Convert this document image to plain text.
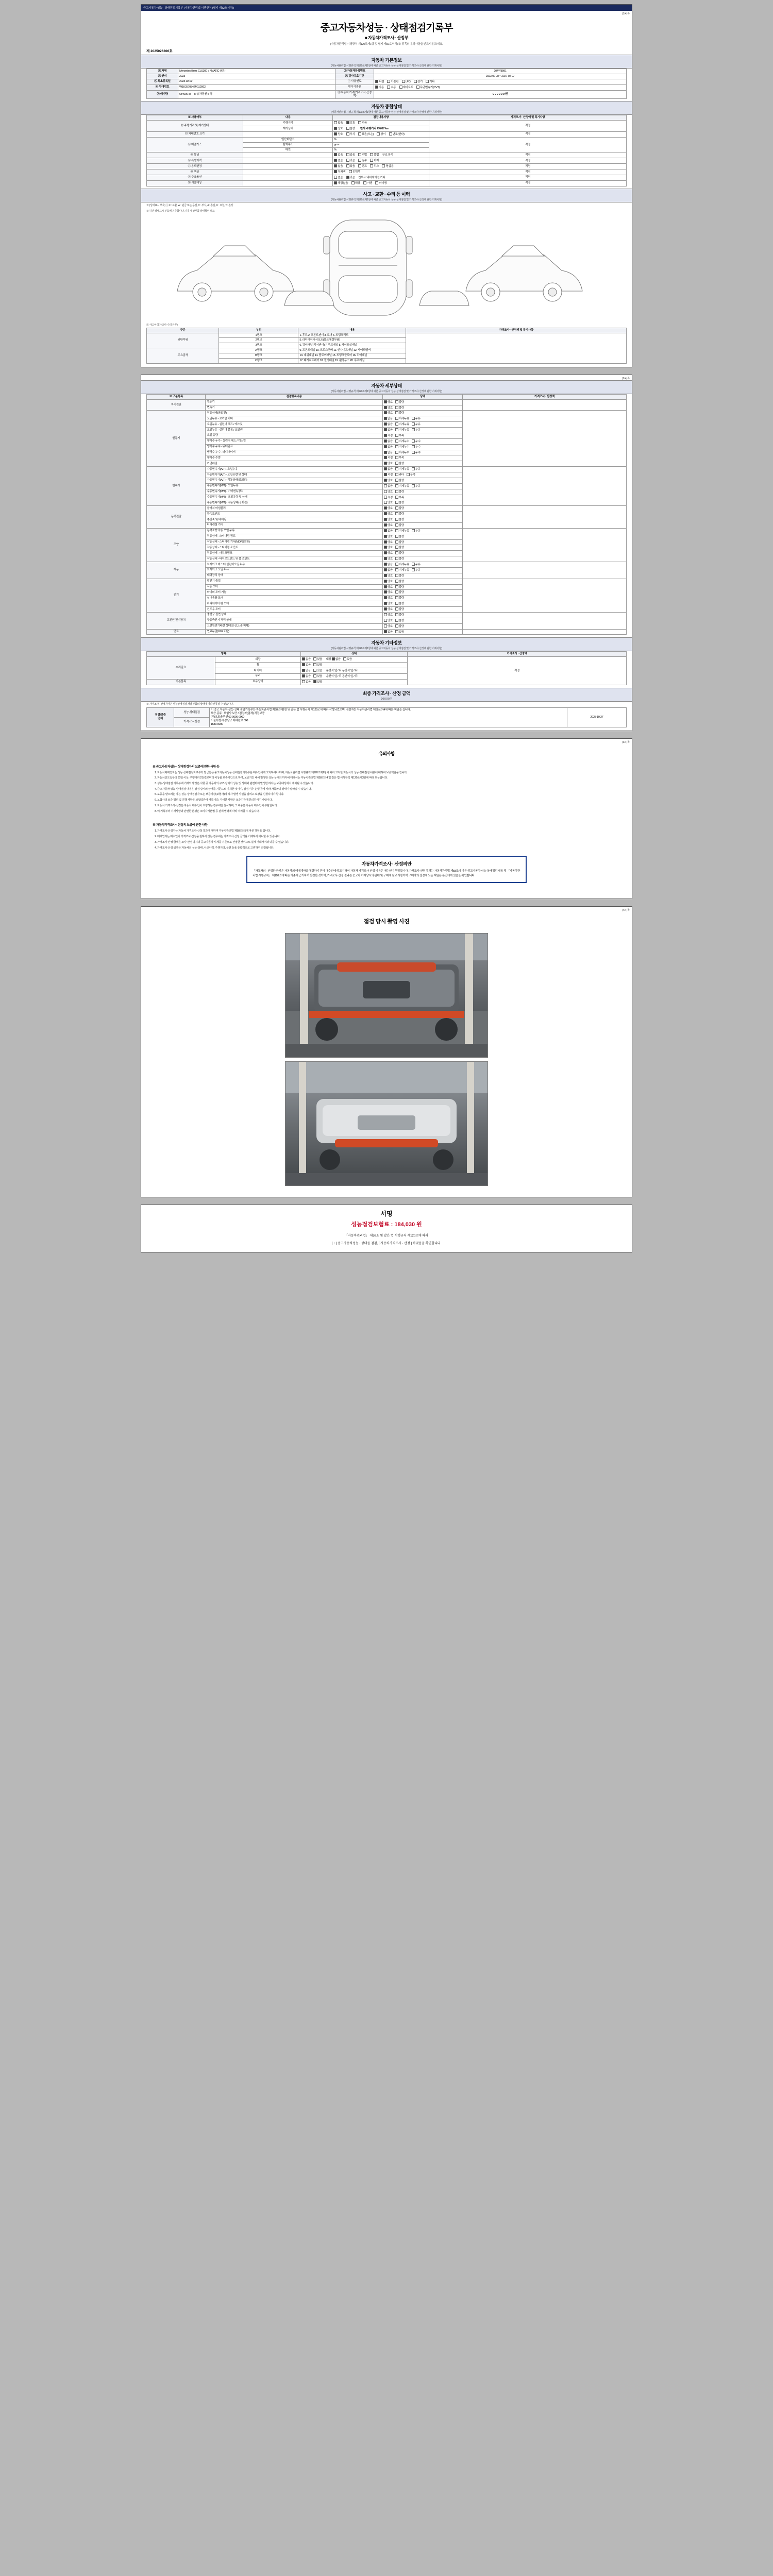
중고자동차 성능 · 상태점검기록부 (자동차관리법 시행규칙 [별지 제82호서식])
(1/4)쪽
중고자동차성능 · 상태점검기록부
■ 자동차가격조사 · 산정부
(자동차관리법 시행규칙 제120조제1항 및 별지 제82호서식) ※ 뒤쪽의 유의사항을 반드시 읽으세요.
제 2025026306호
자동차 기본정보
(자동차관리법 시행규칙 제120조제1항에 따른 중고자동차 성능·상태점검 및 가격조사·산정에 관한 기재사항)
① 차명	Mercedes-Benz CLS300 d 4MATIC (4륜)	② 자동차등록번호	204허8991
③ 연식	2023	④ 검사유효기간	2023-02-08 ~ 2027-02-07
⑤ 최초등록일	2023-02-09	⑦ 사용연료	디젤 가솔린 LPG 전기 기타
⑥ 차대번호	W1K2570842M112062	변속기종류	자동 수동 세미오토 무단변속기(CVT)
⑧ 배기량	654000 cc ⑨ 승차정원 5 명	⑪ 자동차 가격(가격조사·산정액)	0 0 0 0 0 0 원
자동차 종합상태
(자동차관리법 시행규칙 제120조제1항에 따른 중고자동차 성능·상태점검 및 가격조사·산정에 관한 기재사항)
※ 사용여부	내용	점검내용사항	가격조사 · 산정액 및 특기사항
⑫ 주행거리 및 계기상태	주행거리	많음 보통 적음	적정
	계기상태	양호 불량 현재 주행거리 23,017 km	
⑬ 차대번호 표기		양호 부식 훼손(오손) 상이 변조(변타)	적정
⑭ 배출가스	일산화탄소	%	적정
	탄화수소	ppm	
	매연	%	
⑮ 튜닝		없음 있음 적법 불법 구조 장치	적정
⑯ 특별이력		없음 있음 침수 화재	적정
⑰ 용도변경		없음 있음 렌트 리스 영업용	적정
⑱ 색상		무채색 유채색	적정
⑲ 주요옵션		없음 있음 썬루프 내비게이션 기타	적정
⑳ 리콜대상		해당없음 해당 이행 미이행	적정
사고 · 교환 · 수리 등 이력
(자동차관리법 시행규칙 제120조제1항에 따른 중고자동차 성능·상태점검 및 가격조사·산정에 관한 기재사항)
※ (상태표시 부호) ① X : 교환, W : 판금 또는 용접, C : 부식, A : 흠집, U : 요철, T : 손상
※ 하단 상태표시 부호에 기준합니다. 기록 대상부품 상태확인 필요
① 사고이력(사고나 수리 유무)
구분	부위	내용	가격조사 · 산정액 및 특기사항
외판부위	1랭크	1. 후드 2. 프론트펜더 3. 도어 4. 트렁크리드	
	2랭크	5. 라디에이터서포트(볼트체결부품)	
	3랭크	6. 쿼터패널(리어펜더) 7. 루프패널 8. 사이드실패널	
주요골격	A랭크	9. 프론트패널 10. 크로스멤버 11. 인사이드패널 12. 사이드멤버	
	B랭크	13. 대쉬패널 14. 플로어패널 15. 트렁크플로어 16. 리어패널	
	C랭크	17. 패키지트레이 18. 필러패널 19. 휠하우스 20. 루프레일	
(2/4)쪽
자동차 세부상태
(자동차관리법 시행규칙 제120조제1항에 따른 중고자동차 성능·상태점검 및 가격조사·산정에 관한 기재사항)
※ 구분항목	점검항목내용	상태	가격조사 · 산정액
자기진단	원동기	양호 불량	
	변속기	양호 불량	
원동기	작동상태(공회전)	양호 불량	
	오일누유 - 로커암 커버	없음 미세누유 누유	
	오일누유 - 실린더 헤드 / 개스킷	없음 미세누유 누유	
	오일누유 - 실린더 블록 / 오일팬	없음 미세누유 누유	
	오일 유량	적정 부족	
	냉각수 누수 - 실린더 헤드 / 개스킷	없음 미세누수 누수	
	냉각수 누수 - 워터펌프	없음 미세누수 누수	
	냉각수 누수 - 라디에이터	없음 미세누수 누수	
	냉각수 수량	적정 부족	
	커먼레일	양호 불량	
변속기	자동변속기(A/T) - 오일누유	없음 미세누유 누유	
	자동변속기(A/T) - 오일유량 및 상태	적정 과다 부족	
	자동변속기(A/T) - 작동상태(공회전)	양호 불량	
	수동변속기(M/T) - 오일누유	없음 미세누유 누유	
	수동변속기(M/T) - 기어변속장치	양호 불량	
	수동변속기(M/T) - 오일유량 및 상태	적정 부족	
	수동변속기(M/T) - 작동상태(공회전)	양호 불량	
동력전달	클러치 어셈블리	양호 불량	
	등속조인트	양호 불량	
	추진축 및 베어링	양호 불량	
	디퍼렌셜 기어	양호 불량	
조향	동력조향 작동 오일 누유	없음 미세누유 누유	
	작동상태 - 스티어링 펌프	양호 불량	
	작동상태 - 스티어링 기어(MDPS포함)	양호 불량	
	작동상태 - 스티어링 조인트	양호 불량	
	작동상태 - 파워크랭크	양호 불량	
	작동상태 - 타이로드엔드 및 볼 조인트	양호 불량	
제동	브레이크 마스터 실린더오일 누유	없음 미세누유 누유	
	브레이크 오일 누유	없음 미세누유 누유	
	배력장치 상태	양호 불량	
전기	발전기 출력	양호 불량	
	시동 모터	양호 불량	
	와이퍼 모터 기능	양호 불량	
	실내송풍 모터	양호 불량	
	라디에이터 팬 모터	양호 불량	
	윈도우 모터	양호 불량	
고전원 전기장치	충전구 절연 상태	양호 불량	
	구동축전지 격리 상태	양호 불량	
	고전원전기배선 상태(손상,노출,피복)	양호 불량	
연료	연료누출(LPG포함)	없음 있음	
자동차 기타정보
(자동차관리법 시행규칙 제120조제1항에 따른 중고자동차 성능·상태점검 및 가격조사·산정에 관한 기재사항)
항목		상태	가격조사 · 산정액
수리필요	외장	없음 있음 내장 없음 있음	적정
	휠	없음 있음	
	타이어	없음 있음 운전석 앞 / 뒤 동반석 앞 / 뒤	
	유리	없음 있음 운전석 앞 / 뒤 동반석 앞 / 뒤	
기본품목	보유상태	없음 있음	
최종 가격조사 · 산정 금액
0 0 0 0 0 원
※ 가격조사 · 산정가격은 성능상태점검 개별 부품의 상태에 따라 변동될 수 있습니다.
점검/보증
업체	성능·상태점검	
이 중고 자동차 성능·상태 점검기록부는 자동차관리법 제58조제1항 및 같은 법 시행규칙 제120조에 따라 작성되었으며, 점검자는 자동차관리법 제58조의4에 따른 책임을 집니다.
보증 종류 : 보험사 보증 / 점검자(업체) 직접보증
(주)오토솔루션 02-0000-0000
서울특별시 강남구 테헤란로 000
1533-0000
	2025-10-27
가격·조사산정
(3/4)쪽
유의사항
※ 중고자동차성능 · 상태점검자의 보증에 관한 사항 등
1. 자동차매매업자는 성능·상태점검자로부터 발급받은 중고자동차성능·상태점검기록부를 매수인에게 고지하여야 하며, 자동차관리법 시행규칙 제120조제2항에 따라 고지한 자동차의 성능·상태점검 내용에 대하여 보증책임을 집니다.
2. 자동차인도일부터 30일 이상, 주행거리 2천킬로미터 이상을 보증기간으로 하며, 보증기간 내에 발생한 성능·상태의 하자에 대해서는 자동차관리법 제58조의4 및 같은 법 시행규칙 제120조제3항에 따라 보상합니다.
3. 성능·상태점검 기록부에 기재되지 않은 사항 중 자동차의 구조·장치의 성능 및 상태와 관련하여 발생한 하자는 보증대상에서 제외될 수 있습니다.
4. 중고자동차 성능·상태점검 내용은 점검 당시의 상태를 기준으로 기재한 것이며, 점검 이후 운행 등에 따라 자동차의 상태가 달라질 수 있습니다.
5. 보증을 받으려는 자는 성능·상태점검자 또는 보증기관(보험사)에 하자 발생 사실을 알리고 보상을 신청하여야 합니다.
6. 보험사의 보증 범위 및 면책 사항은 보험약관에 따릅니다. 자세한 사항은 보증기관에 문의하시기 바랍니다.
7. 자동차 가격조사·산정은 자동차 매수인이 요청하는 경우에만 실시하며, 그 비용은 자동차 매수인이 부담합니다.
8. 이 기록부의 기재사항과 관련한 분쟁은 소비자기본법 등 관계 법령에 따라 처리할 수 있습니다.
※ 자동차가격조사 · 산정의 보증에 관한 사항
1. 가격조사·산정자는 자동차 가격조사·산정 결과에 대하여 자동차관리법 제58조의5에 따른 책임을 집니다.
2. 매매업자는 매수인이 가격조사·산정을 원하지 않는 경우에는 가격조사·산정 금액을 기재하지 아니할 수 있습니다.
3. 가격조사·산정 금액은 조사·산정 당시의 중고자동차 시세를 기준으로 산정한 것이므로 실제 거래가격과 다를 수 있습니다.
4. 가격조사·산정 금액은 자동차의 성능·상태, 사고이력, 주행거리, 옵션 등을 종합적으로 고려하여 산정됩니다.
자동차가격조사 · 산정의안
「자동차의 · 산정한 금액은 자동차의 매매계약을 체결하기 전에 매수인에게 고지하며 자동차 가격조사·산정 비용은 매수인이 부담합니다. 가격조사·산정 결과는 자동차관리법 제58조에 따른 중고자동차 성능·상태점검 내용 및 「자동차관리법 시행규칙」 제120조에 따른 기준에 근거하여 산정한 것이며, 가격조사·산정 결과는 중고차 거래당시의 판매 및 구매에 참고 사항이며 구매자의 결정에 모든 책임은 본인에게 있음을 확인합니다.
(4/4)쪽
점검 당시 촬영 사진
서명
성능점검보험료 : 184,030 원
「자동차관리법」 제58조 및 같은 법 시행규칙 제120조에 따라
[ ↑ ] 중고자동차성능 · 상태를 점검, [ 자동차가격조사 · 산정 ] 하였음을 확인합니다.
